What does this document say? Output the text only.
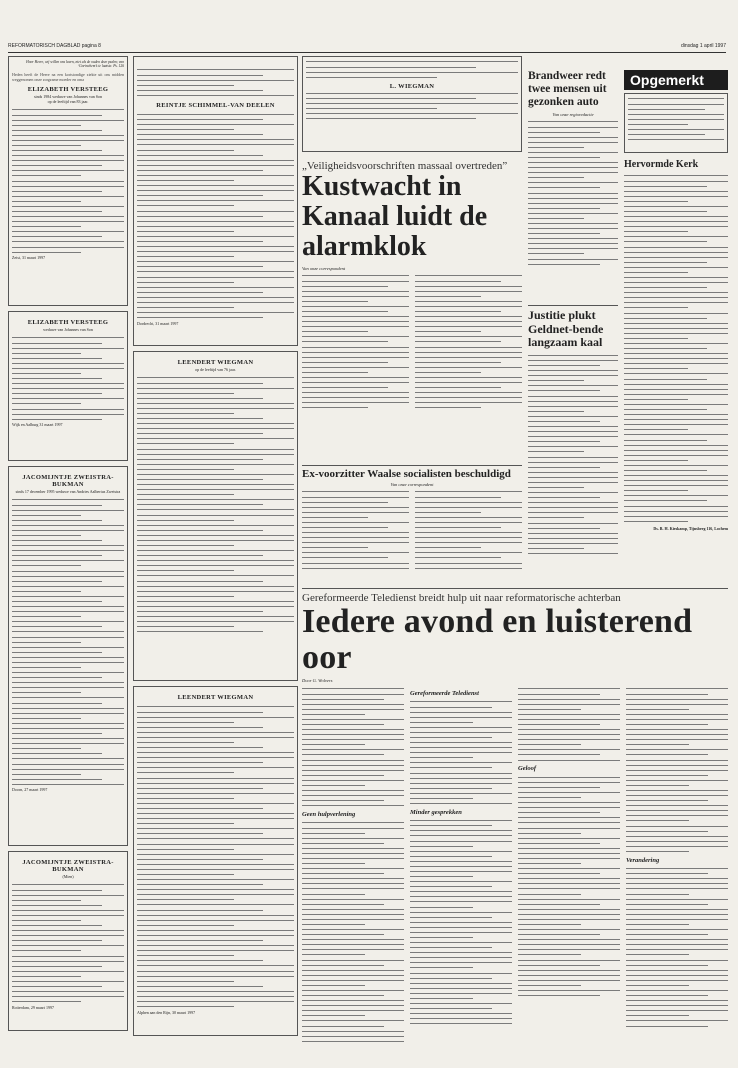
REFORMATORISCH DAGBLAD pagina 8	dinsdag 1 april 1997
Hoor Heere, wij willen ons laven, niet als de ouden deze psalm; van ‘Gorinchem’s te laatste. Ps. 126
Heden heeft de Heere na een kortstondige ziekte uit ons midden weggenomen onze zorgzame moeder en oma
ELIZABETH VERSTEEG
sinds 1984 weduwe van Johannes van Son
op de leeftijd van 83 jaar.
Zeist, 31 maart 1997
ELIZABETH VERSTEEG
weduwe van Johannes van Son
Wijk en Aalburg 31 maart 1997
JACOMIJNTJE ZWEISTRA-BUKMAN
sinds 17 december 1995 weduwe van Andries Aalbertus Zweistra
Doorn, 27 maart 1997
JACOMIJNTJE ZWEISTRA-BUKMAN
(Mien)
Rotterdam, 29 maart 1997

REINTJE SCHIMMEL-VAN DEELEN
Dordrecht, 31 maart 1997
LEENDERT WIEGMAN
op de leeftijd van 76 jaar.
LEENDERT WIEGMAN
Alphen aan den Rijn, 30 maart 1997
L. WIEGMAN
„Veiligheidsvoorschriften massaal overtreden”
Kustwacht in Kanaal luidt de alarmklok
Van onze correspondent
Ex-voorzitter Waalse socialisten beschuldigd
Van onze correspondent
Brandweer redt twee mensen uit gezonken auto
Van onze regioredactie
Justitie plukt Geldnet-bende langzaam kaal
Opgemerkt
Hervormde Kerk
Ds. B. H. Kieskamp, Tijnsberg 116, Lochem
Gereformeerde Teledienst breidt hulp uit naar reformatorische achterban
Iedere avond en luisterend oor
Door G. Wolvers
Geen hulpverlening
Gereformeerde Teledienst
Minder gesprekken
Geloof
Verandering
